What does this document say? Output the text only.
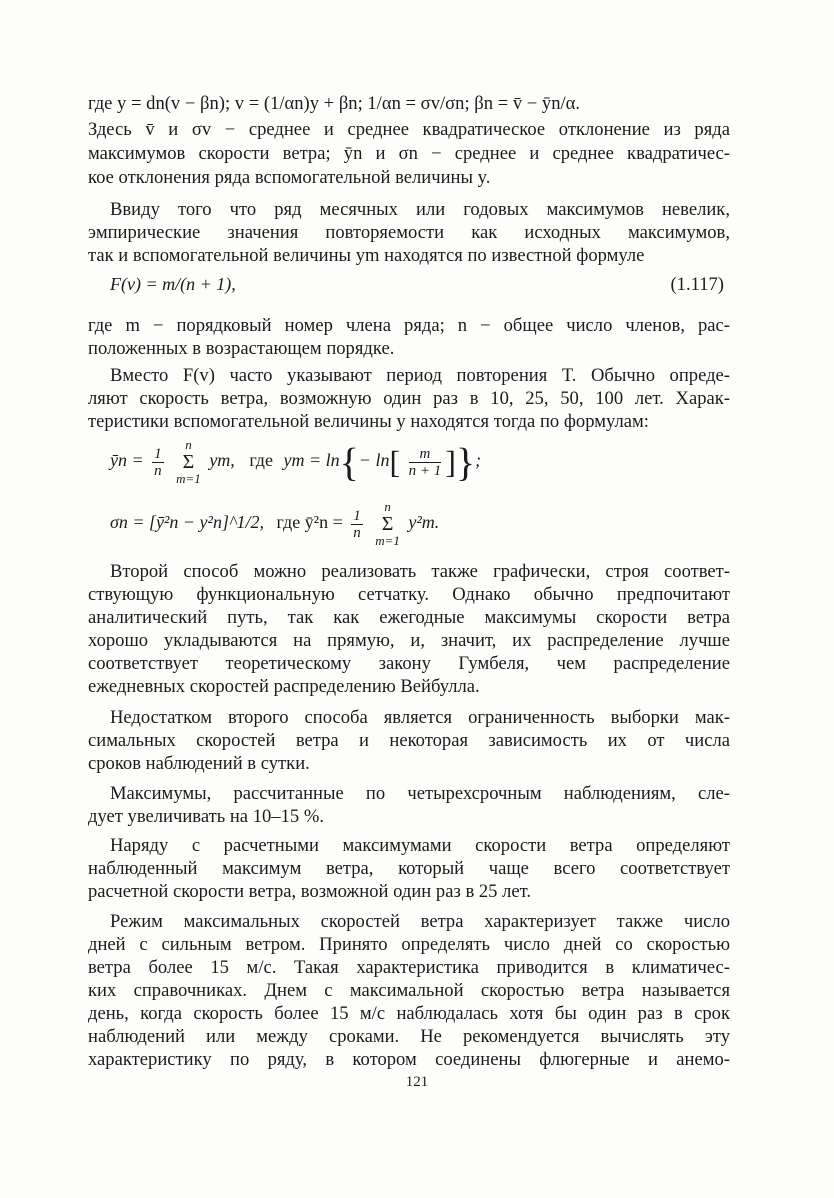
где y = dn(v − βn); v = (1/αn)y + βn; 1/αn = σv/σn; βn = v̄ − ȳn/α.
Здесь v̄ и σv − среднее и среднее квадратическое отклонение из ряда
максимумов скорости ветра; ȳn и σn − среднее и среднее квадратичес-
кое отклонения ряда вспомогательной величины y.
Ввиду того что ряд месячных или годовых максимумов невелик,
эмпирические значения повторяемости как исходных максимумов,
так и вспомогательной величины ym находятся по известной формуле
F(v) = m/(n + 1),	(1.117)
где m − порядковый номер члена ряда; n − общее число членов, рас-
положенных в возрастающем порядке.
Вместо F(v) часто указывают период повторения T. Обычно опреде-
ляют скорость ветра, возможную один раз в 10, 25, 50, 100 лет. Харак-
теристики вспомогательной величины y находятся тогда по формулам:
ȳn = $\frac{1}{n}$
n
Σ
m=1 ym, где ym = $\ln\{- \ln[ \frac{m}{n + 1}$ ]};
σn = [ȳ²n − y²n]^1/2, где ȳ²n = $\frac{1}{n}$
n
Σ
m=1 y²m.
Второй способ можно реализовать также графически, строя соответ-
ствующую функциональную сетчатку. Однако обычно предпочитают
аналитический путь, так как ежегодные максимумы скорости ветра
хорошо укладываются на прямую, и, значит, их распределение лучше
соответствует теоретическому закону Гумбеля, чем распределение
ежедневных скоростей распределению Вейбулла.
Недостатком второго способа является ограниченность выборки мак-
симальных скоростей ветра и некоторая зависимость их от числа
сроков наблюдений в сутки.
Максимумы, рассчитанные по четырехсрочным наблюдениям, сле-
дует увеличивать на 10–15 %.
Наряду с расчетными максимумами скорости ветра определяют
наблюденный максимум ветра, который чаще всего соответствует
расчетной скорости ветра, возможной один раз в 25 лет.
Режим максимальных скоростей ветра характеризует также число
дней с сильным ветром. Принято определять число дней со скоростью
ветра более 15 м/с. Такая характеристика приводится в климатичес-
ких справочниках. Днем с максимальной скоростью ветра называется
день, когда скорость более 15 м/с наблюдалась хотя бы один раз в срок
наблюдений или между сроками. Не рекомендуется вычислять эту
характеристику по ряду, в котором соединены флюгерные и анемо-
121
